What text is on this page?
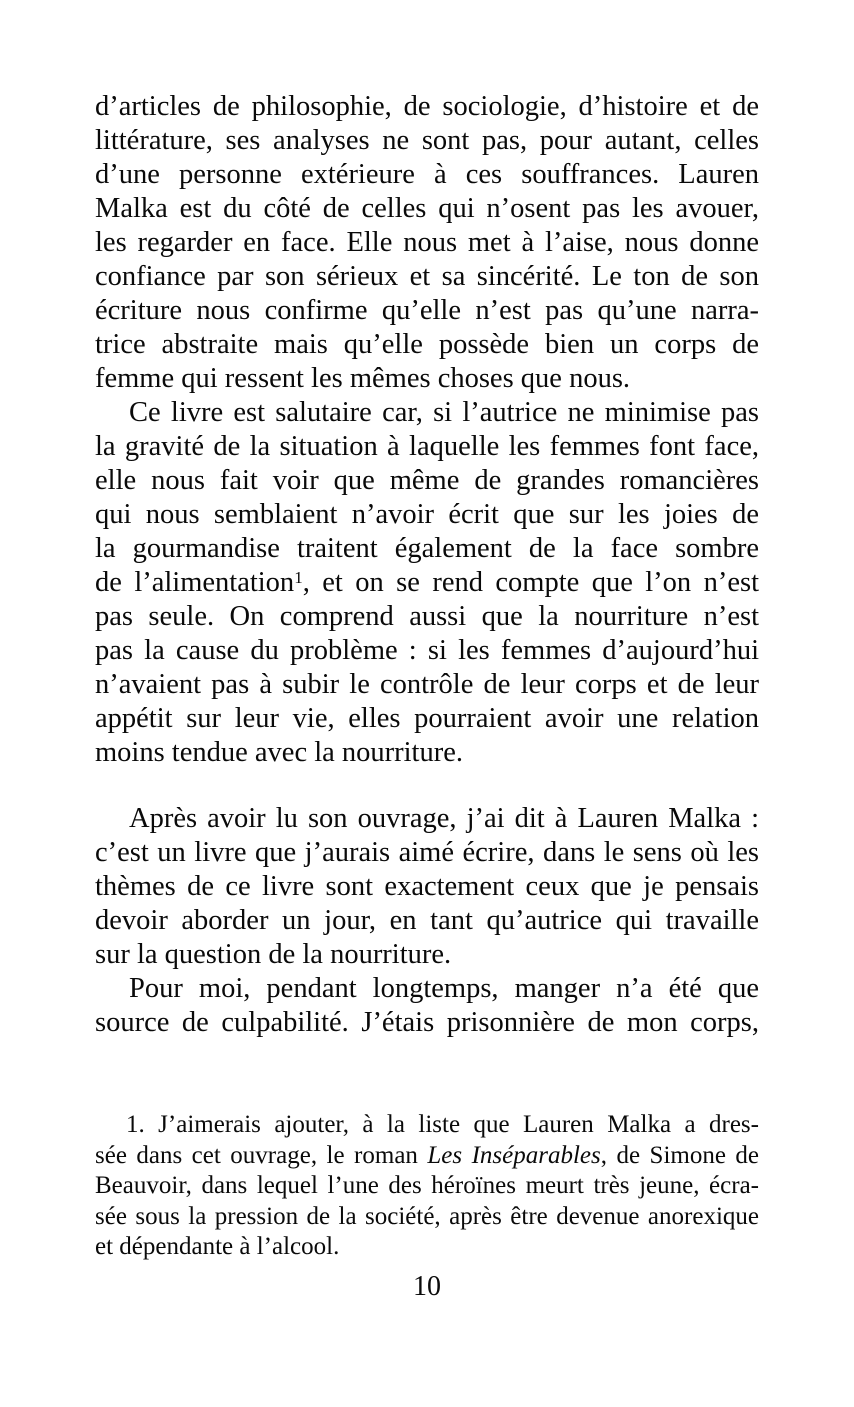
d’articles de philosophie, de sociologie, d’histoire et de
littérature, ses analyses ne sont pas, pour autant, celles
d’une personne extérieure à ces souffrances. Lauren
Malka est du côté de celles qui n’osent pas les avouer,
les regarder en face. Elle nous met à l’aise, nous donne
confiance par son sérieux et sa sincérité. Le ton de son
écriture nous confirme qu’elle n’est pas qu’une narra-
trice abstraite mais qu’elle possède bien un corps de
femme qui ressent les mêmes choses que nous.
Ce livre est salutaire car, si l’autrice ne minimise pas
la gravité de la situation à laquelle les femmes font face,
elle nous fait voir que même de grandes romancières
qui nous semblaient n’avoir écrit que sur les joies de
la gourmandise traitent également de la face sombre
de l’alimentation$^1$, et on se rend compte que l’on n’est
pas seule. On comprend aussi que la nourriture n’est
pas la cause du problème : si les femmes d’aujourd’hui
n’avaient pas à subir le contrôle de leur corps et de leur
appétit sur leur vie, elles pourraient avoir une relation
moins tendue avec la nourriture.
Après avoir lu son ouvrage, j’ai dit à Lauren Malka :
c’est un livre que j’aurais aimé écrire, dans le sens où les
thèmes de ce livre sont exactement ceux que je pensais
devoir aborder un jour, en tant qu’autrice qui travaille
sur la question de la nourriture.
Pour moi, pendant longtemps, manger n’a été que
source de culpabilité. J’étais prisonnière de mon corps,
1. J’aimerais ajouter, à la liste que Lauren Malka a dres-
sée dans cet ouvrage, le roman Les Inséparables, de Simone de
Beauvoir, dans lequel l’une des héroïnes meurt très jeune, écra-
sée sous la pression de la société, après être devenue anorexique
et dépendante à l’alcool.
10
